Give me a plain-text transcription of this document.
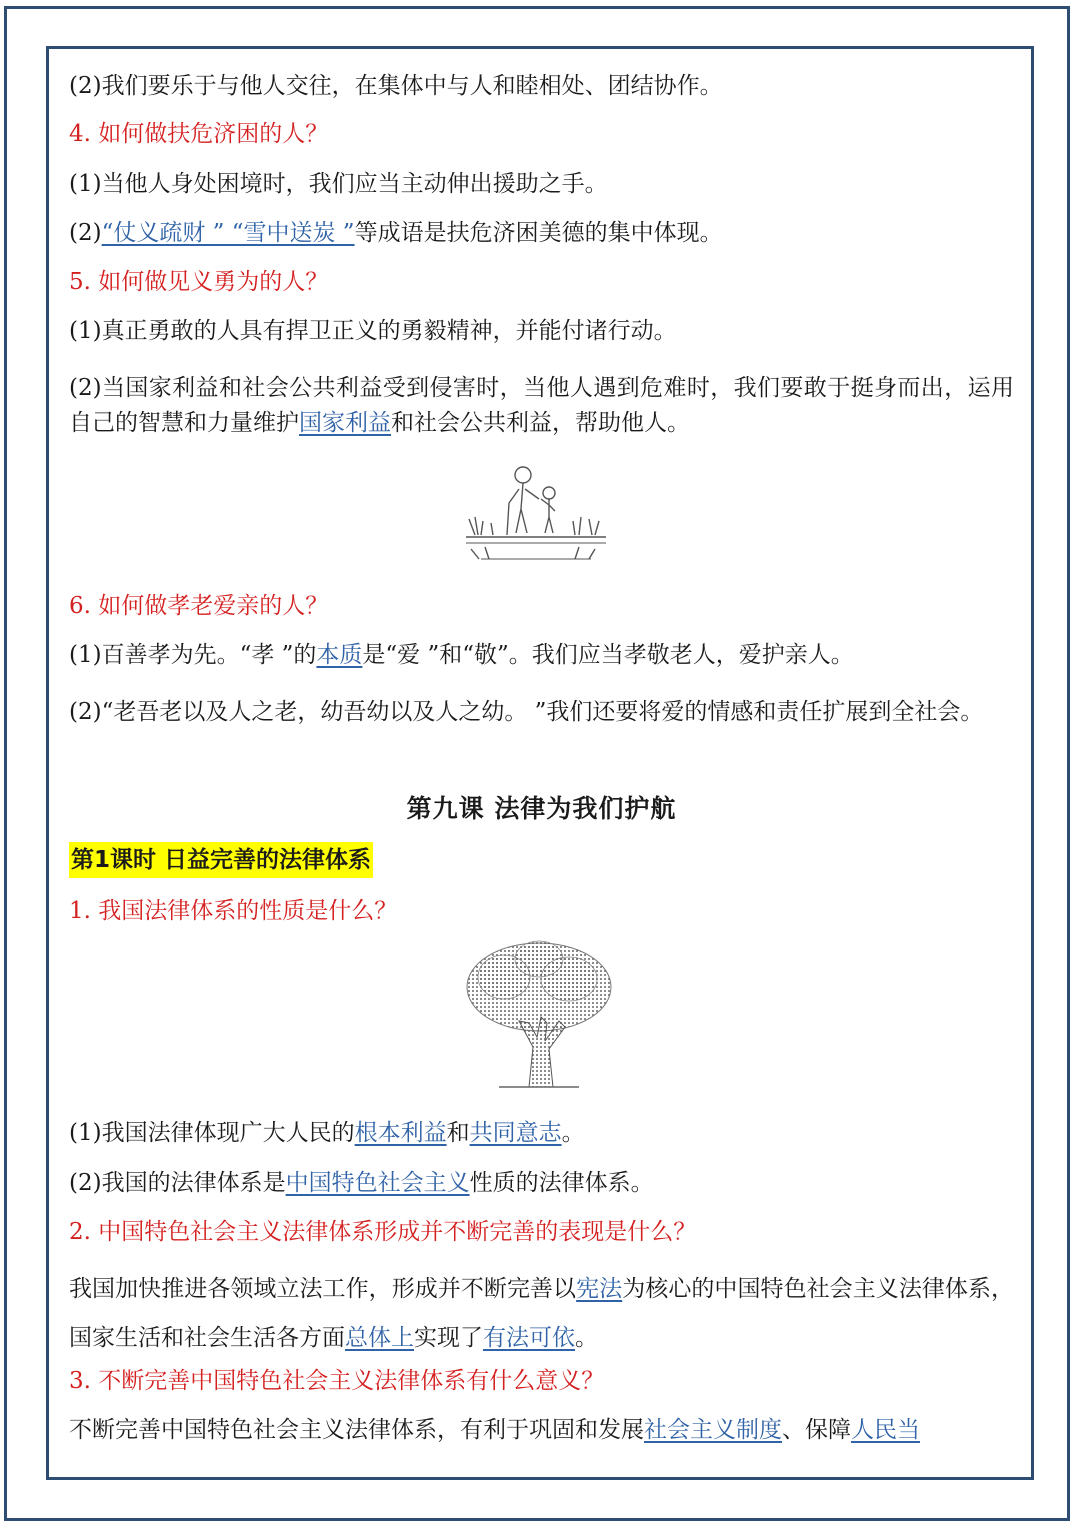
(2)我们要乐于与他人交往，在集体中与人和睦相处、团结协作。
4. 如何做扶危济困的人？
(1)当他人身处困境时，我们应当主动伸出援助之手。
(2)“仗义疏财 ” “雪中送炭 ”等成语是扶危济困美德的集中体现。
5. 如何做见义勇为的人？
(1)真正勇敢的人具有捍卫正义的勇毅精神，并能付诸行动。
(2)当国家利益和社会公共利益受到侵害时，当他人遇到危难时，我们要敢于挺身而出，运用自己的智慧和力量维护国家利益和社会公共利益，帮助他人。
6. 如何做孝老爱亲的人？
(1)百善孝为先。“孝 ”的本质是“爱 ”和“敬”。我们应当孝敬老人，爱护亲人。
(2)“老吾老以及人之老，幼吾幼以及人之幼。 ”我们还要将爱的情感和责任扩展到全社会。
第九课 法律为我们护航
第1课时 日益完善的法律体系
1. 我国法律体系的性质是什么？
(1)我国法律体现广大人民的根本利益和共同意志。
(2)我国的法律体系是中国特色社会主义性质的法律体系。
2. 中国特色社会主义法律体系形成并不断完善的表现是什么？
我国加快推进各领域立法工作，形成并不断完善以宪法为核心的中国特色社会主义法律体系，国家生活和社会生活各方面总体上实现了有法可依。
3. 不断完善中国特色社会主义法律体系有什么意义？
不断完善中国特色社会主义法律体系，有利于巩固和发展社会主义制度、保障人民当
